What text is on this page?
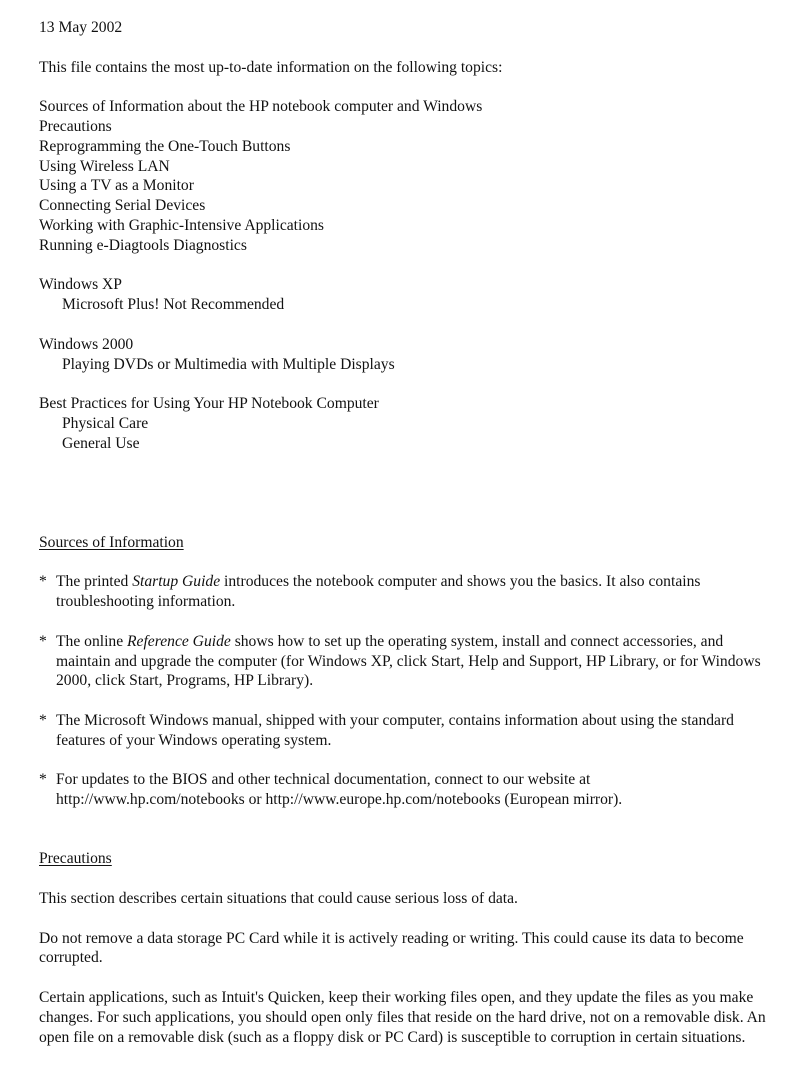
13 May 2002
This file contains the most up-to-date information on the following topics:
Sources of Information about the HP notebook computer and Windows
Precautions
Reprogramming the One-Touch Buttons
Using Wireless LAN
Using a TV as a Monitor
Connecting Serial Devices
Working with Graphic-Intensive Applications
Running e-Diagtools Diagnostics
Windows XP
Microsoft Plus! Not Recommended
Windows 2000
Playing DVDs or Multimedia with Multiple Displays
Best Practices for Using Your HP Notebook Computer
Physical Care
General Use
Sources of Information
* The printed Startup Guide introduces the notebook computer and shows you the basics. It also contains troubleshooting information.
* The online Reference Guide shows how to set up the operating system, install and connect accessories, and maintain and upgrade the computer (for Windows XP, click Start, Help and Support, HP Library, or for Windows 2000, click Start, Programs, HP Library).
* The Microsoft Windows manual, shipped with your computer, contains information about using the standard features of your Windows operating system.
* For updates to the BIOS and other technical documentation, connect to our website at http://www.hp.com/notebooks or http://www.europe.hp.com/notebooks (European mirror).
Precautions
This section describes certain situations that could cause serious loss of data.
Do not remove a data storage PC Card while it is actively reading or writing. This could cause its data to become corrupted.
Certain applications, such as Intuit's Quicken, keep their working files open, and they update the files as you make changes. For such applications, you should open only files that reside on the hard drive, not on a removable disk. An open file on a removable disk (such as a floppy disk or PC Card) is susceptible to corruption in certain situations.
